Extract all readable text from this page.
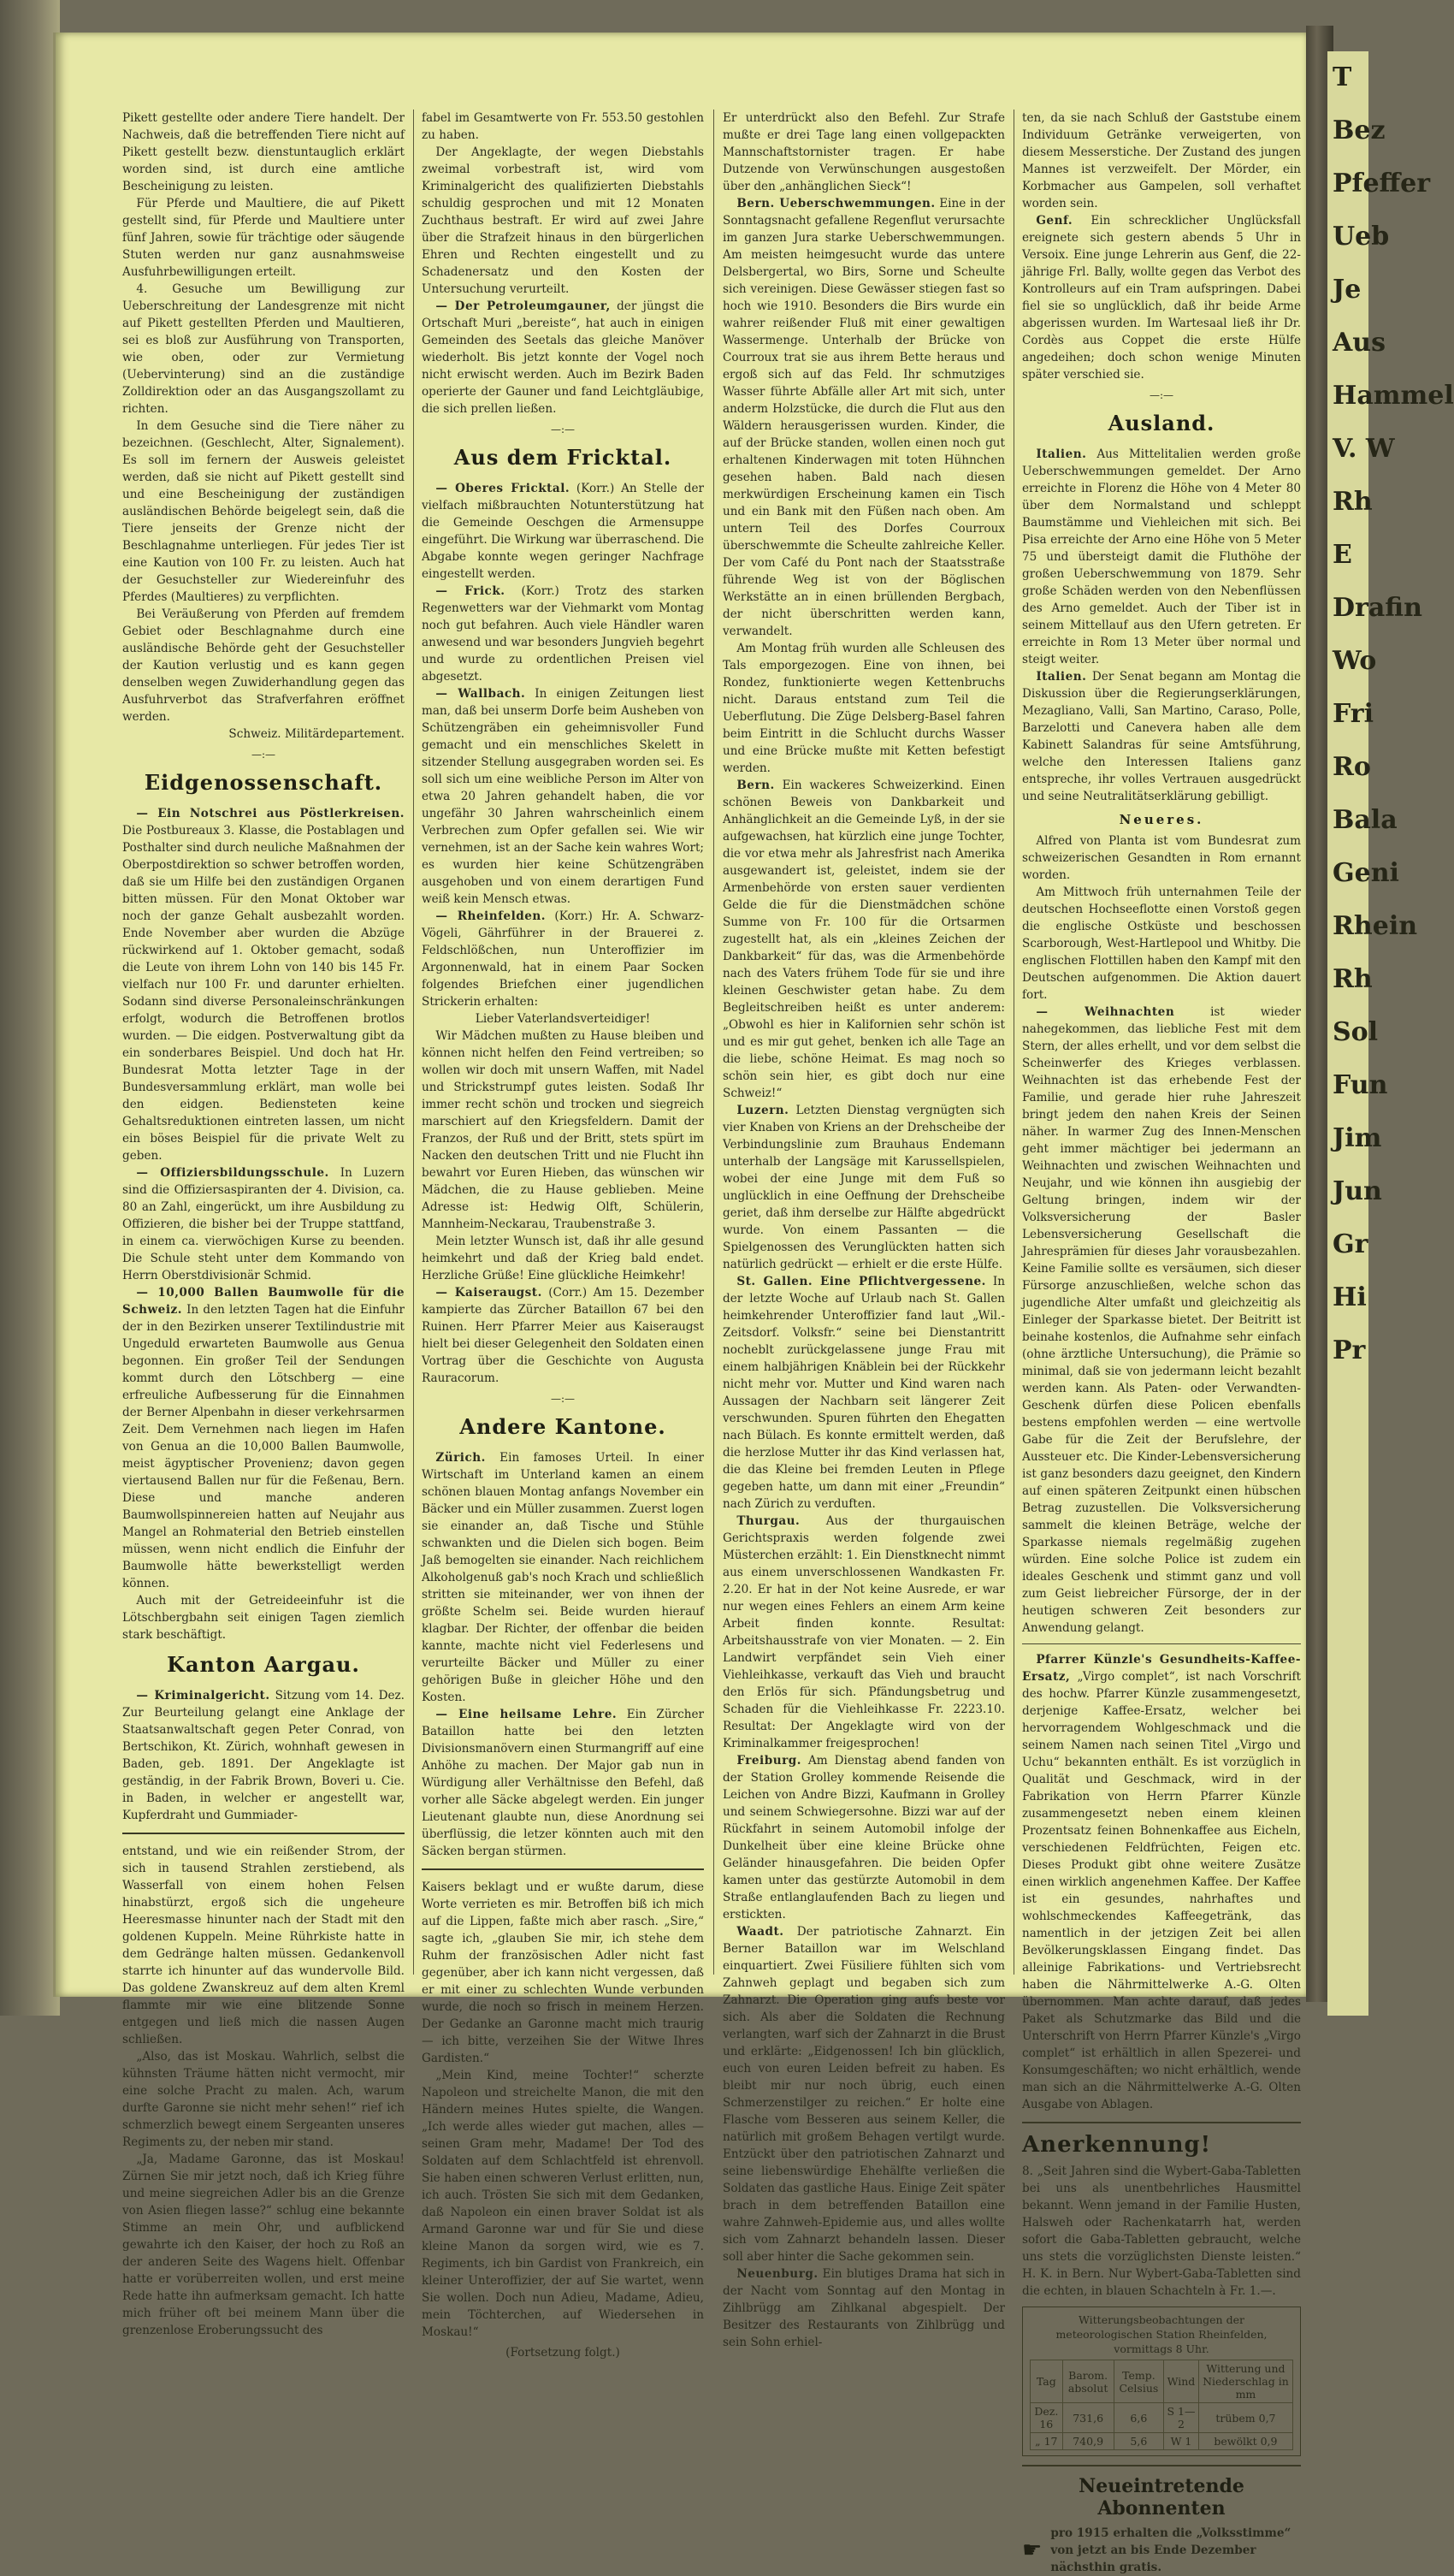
T
Bez
Pfeffer
Ueb
Je
Aus
Hammel
V. W
Rh
E
Drafin
Wo
Fri
Ro
Bala
Geni
Rhein
Rh
Sol
Fun
Jim
Jun
Gr
Hi
Pr

Pikett gestellte oder andere Tiere handelt. Der Nachweis, daß die betreffenden Tiere nicht auf Pikett gestellt bezw. dienstuntauglich erklärt worden sind, ist durch eine amtliche Bescheinigung zu leisten.

Für Pferde und Maultiere, die auf Pikett gestellt sind, für Pferde und Maultiere unter fünf Jahren, sowie für trächtige oder säugende Stuten werden nur ganz ausnahmsweise Ausfuhrbewilligungen erteilt.

4. Gesuche um Bewilligung zur Ueberschreitung der Landesgrenze mit nicht auf Pikett gestellten Pferden und Maultieren, sei es bloß zur Ausführung von Transporten, wie oben, oder zur Vermietung (Uebervinterung) sind an die zuständige Zolldirektion oder an das Ausgangszollamt zu richten.

In dem Gesuche sind die Tiere näher zu bezeichnen. (Geschlecht, Alter, Signalement). Es soll im fernern der Ausweis geleistet werden, daß sie nicht auf Pikett gestellt sind und eine Bescheinigung der zuständigen ausländischen Behörde beigelegt sein, daß die Tiere jenseits der Grenze nicht der Beschlagnahme unterliegen. Für jedes Tier ist eine Kaution von 100 Fr. zu leisten. Auch hat der Gesuchsteller zur Wiedereinfuhr des Pferdes (Maultieres) zu verpflichten.

Bei Veräußerung von Pferden auf fremdem Gebiet oder Beschlagnahme durch eine ausländische Behörde geht der Gesuchsteller der Kaution verlustig und es kann gegen denselben wegen Zuwiderhandlung gegen das Ausfuhrverbot das Strafverfahren eröffnet werden.

Schweiz. Militärdepartement.

—:—
Eidgenossenschaft.

— Ein Notschrei aus Pöstlerkreisen. Die Postbureaux 3. Klasse, die Postablagen und Posthalter sind durch neuliche Maßnahmen der Oberpostdirektion so schwer betroffen worden, daß sie um Hilfe bei den zuständigen Organen bitten müssen. Für den Monat Oktober war noch der ganze Gehalt ausbezahlt worden. Ende November aber wurden die Abzüge rückwirkend auf 1. Oktober gemacht, sodaß die Leute von ihrem Lohn von 140 bis 145 Fr. vielfach nur 100 Fr. und darunter erhielten. Sodann sind diverse Personaleinschränkungen erfolgt, wodurch die Betroffenen brotlos wurden. — Die eidgen. Postverwaltung gibt da ein sonderbares Beispiel. Und doch hat Hr. Bundesrat Motta letzter Tage in der Bundesversammlung erklärt, man wolle bei den eidgen. Bediensteten keine Gehaltsreduktionen eintreten lassen, um nicht ein böses Beispiel für die private Welt zu geben.

— Offiziersbildungsschule. In Luzern sind die Offiziersaspiranten der 4. Division, ca. 80 an Zahl, eingerückt, um ihre Ausbildung zu Offizieren, die bisher bei der Truppe stattfand, in einem ca. vierwöchigen Kurse zu beenden. Die Schule steht unter dem Kommando von Herrn Oberstdivisionär Schmid.

— 10,000 Ballen Baumwolle für die Schweiz. In den letzten Tagen hat die Einfuhr der in den Bezirken unserer Textilindustrie mit Ungeduld erwarteten Baumwolle aus Genua begonnen. Ein großer Teil der Sendungen kommt durch den Lötschberg — eine erfreuliche Aufbesserung für die Einnahmen der Berner Alpenbahn in dieser verkehrsarmen Zeit. Dem Vernehmen nach liegen im Hafen von Genua an die 10,000 Ballen Baumwolle, meist ägyptischer Provenienz; davon gegen viertausend Ballen nur für die Feßenau, Bern. Diese und manche anderen Baumwollspinnereien hatten auf Neujahr aus Mangel an Rohmaterial den Betrieb einstellen müssen, wenn nicht endlich die Einfuhr der Baumwolle hätte bewerkstelligt werden können.

Auch mit der Getreideeinfuhr ist die Lötschbergbahn seit einigen Tagen ziemlich stark beschäftigt.

Kanton Aargau.

— Kriminalgericht. Sitzung vom 14. Dez. Zur Beurteilung gelangt eine Anklage der Staatsanwaltschaft gegen Peter Conrad, von Bertschikon, Kt. Zürich, wohnhaft gewesen in Baden, geb. 1891. Der Angeklagte ist geständig, in der Fabrik Brown, Boveri u. Cie. in Baden, in welcher er angestellt war, Kupferdraht und Gummiader-

entstand, und wie ein reißender Strom, der sich in tausend Strahlen zerstiebend, als Wasserfall von einem hohen Felsen hinabstürzt, ergoß sich die ungeheure Heeresmasse hinunter nach der Stadt mit den goldenen Kuppeln. Meine Rührkiste hatte in dem Gedränge halten müssen. Gedankenvoll starrte ich hinunter auf das wundervolle Bild. Das goldene Zwanskreuz auf dem alten Kreml flammte mir wie eine blitzende Sonne entgegen und ließ mich die nassen Augen schließen.

„Also, das ist Moskau. Wahrlich, selbst die kühnsten Träume hätten nicht vermocht, mir eine solche Pracht zu malen. Ach, warum durfte Garonne sie nicht mehr sehen!“ rief ich schmerzlich bewegt einem Sergeanten unseres Regiments zu, der neben mir stand.

„Ja, Madame Garonne, das ist Moskau! Zürnen Sie mir jetzt noch, daß ich Krieg führe und meine siegreichen Adler bis an die Grenze von Asien fliegen lasse?“ schlug eine bekannte Stimme an mein Ohr, und aufblickend gewahrte ich den Kaiser, der hoch zu Roß an der anderen Seite des Wagens hielt. Offenbar hatte er vorüberreiten wollen, und erst meine Rede hatte ihn aufmerksam gemacht. Ich hatte mich früher oft bei meinem Mann über die grenzenlose Eroberungssucht des

fabel im Gesamtwerte von Fr. 553.50 gestohlen zu haben.

Der Angeklagte, der wegen Diebstahls zweimal vorbestraft ist, wird vom Kriminalgericht des qualifizierten Diebstahls schuldig gesprochen und mit 12 Monaten Zuchthaus bestraft. Er wird auf zwei Jahre über die Strafzeit hinaus in den bürgerlichen Ehren und Rechten eingestellt und zu Schadenersatz und den Kosten der Untersuchung verurteilt.

— Der Petroleumgauner, der jüngst die Ortschaft Muri „bereiste“, hat auch in einigen Gemeinden des Seetals das gleiche Manöver wiederholt. Bis jetzt konnte der Vogel noch nicht erwischt werden. Auch im Bezirk Baden operierte der Gauner und fand Leichtgläubige, die sich prellen ließen.

—:—
Aus dem Fricktal.

— Oberes Fricktal. (Korr.) An Stelle der vielfach mißbrauchten Notunterstützung hat die Gemeinde Oeschgen die Armensuppe eingeführt. Die Wirkung war überraschend. Die Abgabe konnte wegen geringer Nachfrage eingestellt werden.

— Frick. (Korr.) Trotz des starken Regenwetters war der Viehmarkt vom Montag noch gut befahren. Auch viele Händler waren anwesend und war besonders Jungvieh begehrt und wurde zu ordentlichen Preisen viel abgesetzt.

— Wallbach. In einigen Zeitungen liest man, daß bei unserm Dorfe beim Ausheben von Schützengräben ein geheimnisvoller Fund gemacht und ein menschliches Skelett in sitzender Stellung ausgegraben worden sei. Es soll sich um eine weibliche Person im Alter von etwa 20 Jahren gehandelt haben, die vor ungefähr 30 Jahren wahrscheinlich einem Verbrechen zum Opfer gefallen sei. Wie wir vernehmen, ist an der Sache kein wahres Wort; es wurden hier keine Schützengräben ausgehoben und von einem derartigen Fund weiß kein Mensch etwas.

— Rheinfelden. (Korr.) Hr. A. Schwarz-Vögeli, Gährführer in der Brauerei z. Feldschlößchen, nun Unteroffizier im Argonnenwald, hat in einem Paar Socken folgendes Briefchen einer jugendlichen Strickerin erhalten:

Lieber Vaterlandsverteidiger!

Wir Mädchen mußten zu Hause bleiben und können nicht helfen den Feind vertreiben; so wollen wir doch mit unsern Waffen, mit Nadel und Strickstrumpf gutes leisten. Sodaß Ihr immer recht schön und trocken und siegreich marschiert auf den Kriegsfeldern. Damit der Franzos, der Ruß und der Britt, stets spürt im Nacken den deutschen Tritt und nie Flucht ihn bewahrt vor Euren Hieben, das wünschen wir Mädchen, die zu Hause geblieben. Meine Adresse ist: Hedwig Olft, Schülerin, Mannheim-Neckarau, Traubenstraße 3.

Mein letzter Wunsch ist, daß ihr alle gesund heimkehrt und daß der Krieg bald endet. Herzliche Grüße! Eine glückliche Heimkehr!

— Kaiseraugst. (Corr.) Am 15. Dezember kampierte das Zürcher Bataillon 67 bei den Ruinen. Herr Pfarrer Meier aus Kaiseraugst hielt bei dieser Gelegenheit den Soldaten einen Vortrag über die Geschichte von Augusta Rauracorum.

—:—
Andere Kantone.

Zürich. Ein famoses Urteil. In einer Wirtschaft im Unterland kamen an einem schönen blauen Montag anfangs November ein Bäcker und ein Müller zusammen. Zuerst logen sie einander an, daß Tische und Stühle schwankten und die Dielen sich bogen. Beim Jaß bemogelten sie einander. Nach reichlichem Alkoholgenuß gab's noch Krach und schließlich stritten sie miteinander, wer von ihnen der größte Schelm sei. Beide wurden hierauf klagbar. Der Richter, der offenbar die beiden kannte, machte nicht viel Federlesens und verurteilte Bäcker und Müller zu einer gehörigen Buße in gleicher Höhe und den Kosten.

— Eine heilsame Lehre. Ein Zürcher Bataillon hatte bei den letzten Divisionsmanövern einen Sturmangriff auf eine Anhöhe zu machen. Der Major gab nun in Würdigung aller Verhältnisse den Befehl, daß vorher alle Säcke abgelegt werden. Ein junger Lieutenant glaubte nun, diese Anordnung sei überflüssig, die letzer könnten auch mit den Säcken bergan stürmen.

Kaisers beklagt und er wußte darum, diese Worte verrieten es mir. Betroffen biß ich mich auf die Lippen, faßte mich aber rasch. „Sire,“ sagte ich, „glauben Sie mir, ich stehe dem Ruhm der französischen Adler nicht fast gegenüber, aber ich kann nicht vergessen, daß er mit einer zu schlechten Wunde verbunden wurde, die noch so frisch in meinem Herzen. Der Gedanke an Garonne macht mich traurig — ich bitte, verzeihen Sie der Witwe Ihres Gardisten.“

„Mein Kind, meine Tochter!“ scherzte Napoleon und streichelte Manon, die mit den Händern meines Hutes spielte, die Wangen. „Ich werde alles wieder gut machen, alles — seinen Gram mehr, Madame! Der Tod des Soldaten auf dem Schlachtfeld ist ehrenvoll. Sie haben einen schweren Verlust erlitten, nun, ich auch. Trösten Sie sich mit dem Gedanken, daß Napoleon ein einen braver Soldat ist als Armand Garonne war und für Sie und diese kleine Manon da sorgen wird, wie es 7. Regiments, ich bin Gardist von Frankreich, ein kleiner Unteroffizier, der auf Sie wartet, wenn Sie wollen. Doch nun Adieu, Madame, Adieu, mein Töchterchen, auf Wiedersehen in Moskau!“

(Fortsetzung folgt.)

Er unterdrückt also den Befehl. Zur Strafe mußte er drei Tage lang einen vollgepackten Mannschaftstornister tragen. Er habe Dutzende von Verwünschungen ausgestoßen über den „anhänglichen Sieck“!

Bern. Ueberschwemmungen. Eine in der Sonntagsnacht gefallene Regenflut verursachte im ganzen Jura starke Ueberschwemmungen. Am meisten heimgesucht wurde das untere Delsbergertal, wo Birs, Sorne und Scheulte sich vereinigen. Diese Gewässer stiegen fast so hoch wie 1910. Besonders die Birs wurde ein wahrer reißender Fluß mit einer gewaltigen Wassermenge. Unterhalb der Brücke von Courroux trat sie aus ihrem Bette heraus und ergoß sich auf das Feld. Ihr schmutziges Wasser führte Abfälle aller Art mit sich, unter anderm Holzstücke, die durch die Flut aus den Wäldern herausgerissen wurden. Kinder, die auf der Brücke standen, wollen einen noch gut erhaltenen Kinderwagen mit toten Hühnchen gesehen haben. Bald nach diesen merkwürdigen Erscheinung kamen ein Tisch und ein Bank mit den Füßen nach oben. Am untern Teil des Dorfes Courroux überschwemmte die Scheulte zahlreiche Keller. Der vom Café du Pont nach der Staatsstraße führende Weg ist von der Böglischen Werkstätte an in einen brüllenden Bergbach, der nicht überschritten werden kann, verwandelt.

Am Montag früh wurden alle Schleusen des Tals emporgezogen. Eine von ihnen, bei Rondez, funktionierte wegen Kettenbruchs nicht. Daraus entstand zum Teil die Ueberflutung. Die Züge Delsberg-Basel fahren beim Eintritt in die Schlucht durchs Wasser und eine Brücke mußte mit Ketten befestigt werden.

Bern. Ein wackeres Schweizerkind. Einen schönen Beweis von Dankbarkeit und Anhänglichkeit an die Gemeinde Lyß, in der sie aufgewachsen, hat kürzlich eine junge Tochter, die vor etwa mehr als Jahresfrist nach Amerika ausgewandert ist, geleistet, indem sie der Armenbehörde von ersten sauer verdienten Gelde die für die Dienstmädchen schöne Summe von Fr. 100 für die Ortsarmen zugestellt hat, als ein „kleines Zeichen der Dankbarkeit“ für das, was die Armenbehörde nach des Vaters frühem Tode für sie und ihre kleinen Geschwister getan habe. Zu dem Begleitschreiben heißt es unter anderem: „Obwohl es hier in Kalifornien sehr schön ist und es mir gut gehet, benken ich alle Tage an die liebe, schöne Heimat. Es mag noch so schön sein hier, es gibt doch nur eine Schweiz!“

Luzern. Letzten Dienstag vergnügten sich vier Knaben von Kriens an der Drehscheibe der Verbindungslinie zum Brauhaus Endemann unterhalb der Langsäge mit Karussellspielen, wobei der eine Junge mit dem Fuß so unglücklich in eine Oeffnung der Drehscheibe geriet, daß ihm derselbe zur Hälfte abgedrückt wurde. Von einem Passanten — die Spielgenossen des Verunglückten hatten sich natürlich gedrückt — erhielt er die erste Hülfe.

St. Gallen. Eine Pflichtvergessene. In der letzte Woche auf Urlaub nach St. Gallen heimkehrender Unteroffizier fand laut „Wil.-Zeitsdorf. Volksfr.“ seine bei Dienstantritt nocheblt zurückgelassene junge Frau mit einem halbjährigen Knäblein bei der Rückkehr nicht mehr vor. Mutter und Kind waren nach Aussagen der Nachbarn seit längerer Zeit verschwunden. Spuren führten den Ehegatten nach Bülach. Es konnte ermittelt werden, daß die herzlose Mutter ihr das Kind verlassen hat, die das Kleine bei fremden Leuten in Pflege gegeben hatte, um dann mit einer „Freundin“ nach Zürich zu verduften.

Thurgau. Aus der thurgauischen Gerichtspraxis werden folgende zwei Müsterchen erzählt: 1. Ein Dienstknecht nimmt aus einem unverschlossenen Wandkasten Fr. 2.20. Er hat in der Not keine Ausrede, er war nur wegen eines Fehlers an einem Arm keine Arbeit finden konnte. Resultat: Arbeitshausstrafe von vier Monaten. — 2. Ein Landwirt verpfändet sein Vieh einer Viehleihkasse, verkauft das Vieh und braucht den Erlös für sich. Pfändungsbetrug und Schaden für die Viehleihkasse Fr. 2223.10. Resultat: Der Angeklagte wird von der Kriminalkammer freigesprochen!

Freiburg. Am Dienstag abend fanden von der Station Grolley kommende Reisende die Leichen von Andre Bizzi, Kaufmann in Grolley und seinem Schwiegersohne. Bizzi war auf der Rückfahrt in seinem Automobil infolge der Dunkelheit über eine kleine Brücke ohne Geländer hinausgefahren. Die beiden Opfer kamen unter das gestürzte Automobil in dem Straße entlanglaufenden Bach zu liegen und erstickten.

Waadt. Der patriotische Zahnarzt. Ein Berner Bataillon war im Welschland einquartiert. Zwei Füsiliere fühlten sich vom Zahnweh geplagt und begaben sich zum Zahnarzt. Die Operation ging aufs beste vor sich. Als aber die Soldaten die Rechnung verlangten, warf sich der Zahnarzt in die Brust und erklärte: „Eidgenossen! Ich bin glücklich, euch von euren Leiden befreit zu haben. Es bleibt mir nur noch übrig, euch einen Schmerzenstilger zu reichen.“ Er holte eine Flasche vom Besseren aus seinem Keller, die natürlich mit großem Behagen vertilgt wurde. Entzückt über den patriotischen Zahnarzt und seine liebenswürdige Ehehälfte verließen die Soldaten das gastliche Haus. Einige Zeit später brach in dem betreffenden Bataillon eine wahre Zahnweh-Epidemie aus, und alles wollte sich vom Zahnarzt behandeln lassen. Dieser soll aber hinter die Sache gekommen sein.

Neuenburg. Ein blutiges Drama hat sich in der Nacht vom Sonntag auf den Montag in Zihlbrügg am Zihlkanal abgespielt. Der Besitzer des Restaurants von Zihlbrügg und sein Sohn erhiel-

ten, da sie nach Schluß der Gaststube einem Individuum Getränke verweigerten, von diesem Messerstiche. Der Zustand des jungen Mannes ist verzweifelt. Der Mörder, ein Korbmacher aus Gampelen, soll verhaftet worden sein.

Genf. Ein schrecklicher Unglücksfall ereignete sich gestern abends 5 Uhr in Versoix. Eine junge Lehrerin aus Genf, die 22-jährige Frl. Bally, wollte gegen das Verbot des Kontrolleurs auf ein Tram aufspringen. Dabei fiel sie so unglücklich, daß ihr beide Arme abgerissen wurden. Im Wartesaal ließ ihr Dr. Cordès aus Coppet die erste Hülfe angedeihen; doch schon wenige Minuten später verschied sie.

—:—
Ausland.

Italien. Aus Mittelitalien werden große Ueberschwemmungen gemeldet. Der Arno erreichte in Florenz die Höhe von 4 Meter 80 über dem Normalstand und schleppt Baumstämme und Viehleichen mit sich. Bei Pisa erreichte der Arno eine Höhe von 5 Meter 75 und übersteigt damit die Fluthöhe der großen Ueberschwemmung von 1879. Sehr große Schäden werden von den Nebenflüssen des Arno gemeldet. Auch der Tiber ist in seinem Mittellauf aus den Ufern getreten. Er erreichte in Rom 13 Meter über normal und steigt weiter.

Italien. Der Senat begann am Montag die Diskussion über die Regierungserklärungen, Mezagliano, Valli, San Martino, Caraso, Polle, Barzelotti und Canevera haben alle dem Kabinett Salandras für seine Amtsführung, welche den Interessen Italiens ganz entspreche, ihr volles Vertrauen ausgedrückt und seine Neutralitätserklärung gebilligt.

Neueres.

Alfred von Planta ist vom Bundesrat zum schweizerischen Gesandten in Rom ernannt worden.

Am Mittwoch früh unternahmen Teile der deutschen Hochseeflotte einen Vorstoß gegen die englische Ostküste und beschossen Scarborough, West-Hartlepool und Whitby. Die englischen Flottillen haben den Kampf mit den Deutschen aufgenommen. Die Aktion dauert fort.

— Weihnachten ist wieder nahegekommen, das liebliche Fest mit dem Stern, der alles erhellt, und vor dem selbst die Scheinwerfer des Krieges verblassen. Weihnachten ist das erhebende Fest der Familie, und gerade hier ruhe Jahreszeit bringt jedem den nahen Kreis der Seinen näher. In warmer Zug des Innen-Menschen geht immer mächtiger bei jedermann an Weihnachten und zwischen Weihnachten und Neujahr, und wie können ihn ausgiebig der Geltung bringen, indem wir der Volksversicherung der Basler Lebensversicherung Gesellschaft die Jahresprämien für dieses Jahr vorausbezahlen. Keine Familie sollte es versäumen, sich dieser Fürsorge anzuschließen, welche schon das jugendliche Alter umfaßt und gleichzeitig als Einleger der Sparkasse bietet. Der Beitritt ist beinahe kostenlos, die Aufnahme sehr einfach (ohne ärztliche Untersuchung), die Prämie so minimal, daß sie von jedermann leicht bezahlt werden kann. Als Paten- oder Verwandten-Geschenk dürfen diese Policen ebenfalls bestens empfohlen werden — eine wertvolle Gabe für die Zeit der Berufslehre, der Aussteuer etc. Die Kinder-Lebensversicherung ist ganz besonders dazu geeignet, den Kindern auf einen späteren Zeitpunkt einen hübschen Betrag zuzustellen. Die Volksversicherung sammelt die kleinen Beträge, welche der Sparkasse niemals regelmäßig zugehen würden. Eine solche Police ist zudem ein ideales Geschenk und stimmt ganz und voll zum Geist liebreicher Fürsorge, der in der heutigen schweren Zeit besonders zur Anwendung gelangt.

Pfarrer Künzle's Gesundheits-Kaffee-Ersatz, „Virgo complet“, ist nach Vorschrift des hochw. Pfarrer Künzle zusammengesetzt, derjenige Kaffee-Ersatz, welcher bei hervorragendem Wohlgeschmack und die seinem Namen nach seinen Titel „Virgo und Uchu“ bekannten enthält. Es ist vorzüglich in Qualität und Geschmack, wird in der Fabrikation von Herrn Pfarrer Künzle zusammengesetzt neben einem kleinen Prozentsatz feinen Bohnenkaffee aus Eicheln, verschiedenen Feldfrüchten, Feigen etc. Dieses Produkt gibt ohne weitere Zusätze einen wirklich angenehmen Kaffee. Der Kaffee ist ein gesundes, nahrhaftes und wohlschmeckendes Kaffeegetränk, das namentlich in der jetzigen Zeit bei allen Bevölkerungsklassen Eingang findet. Das alleinige Fabrikations- und Vertriebsrecht haben die Nährmittelwerke A.-G. Olten übernommen. Man achte darauf, daß jedes Paket als Schutzmarke das Bild und die Unterschrift von Herrn Pfarrer Künzle's „Virgo complet“ ist erhältlich in allen Spezerei- und Konsumgeschäften; wo nicht erhältlich, wende man sich an die Nährmittelwerke A.-G. Olten Ausgabe von Ablagen.

Anerkennung!

8. „Seit Jahren sind die Wybert-Gaba-Tabletten bei uns als unentbehrliches Hausmittel bekannt. Wenn jemand in der Familie Husten, Halsweh oder Rachenkatarrh hat, werden sofort die Gaba-Tabletten gebraucht, welche uns stets die vorzüglichsten Dienste leisten.“ H. K. in Bern. Nur Wybert-Gaba-Tabletten sind die echten, in blauen Schachteln à Fr. 1.—.

Witterungsbeobachtungen der meteorologischen Station Rheinfelden, vormittags 8 Uhr.

Tag	Barom. absolut	Temp. Celsius	Wind	Witterung und Niederschlag in mm
Dez. 16	731,6	6,6	S 1—2	trübem 0,7
„ 17	740,9	5,6	W 1	bewölkt 0,9
Neueintretende Abonnenten
☛
pro 1915 erhalten die „Volksstimme“ von jetzt an bis Ende Dezember nächsthin gratis.
